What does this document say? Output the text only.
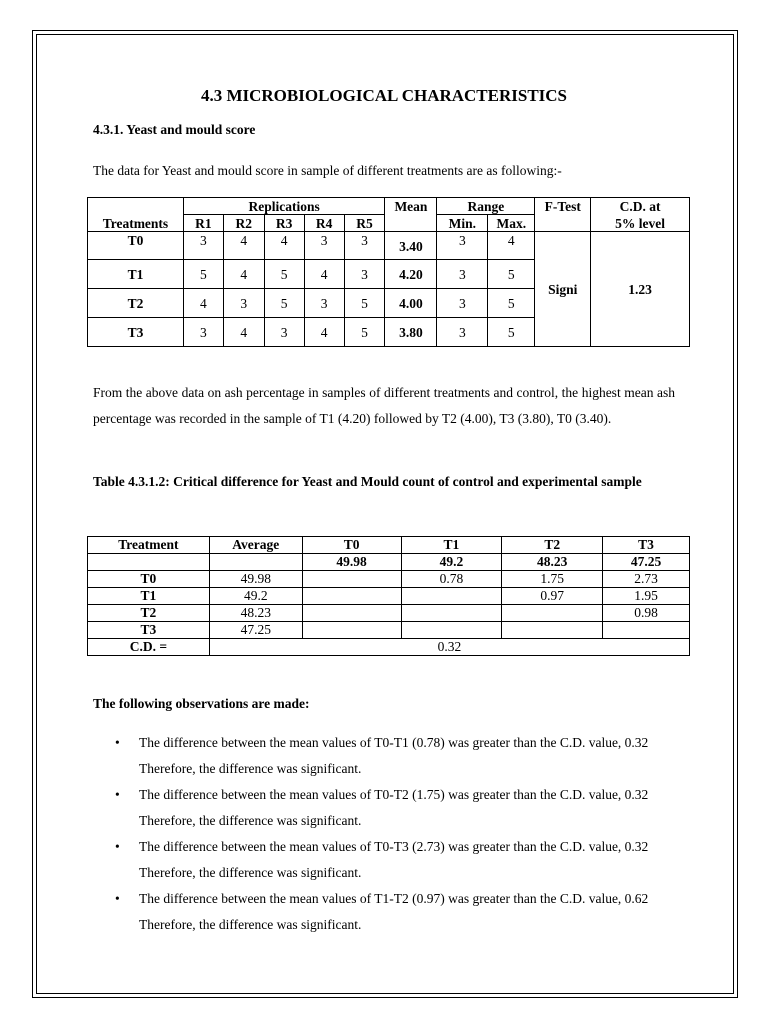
4.3 MICROBIOLOGICAL CHARACTERISTICS
4.3.1. Yeast and mould score
The data for Yeast and mould score in sample of different treatments are as following:-
	Replications					Mean	Range		F-Test	C.D. at
Treatments	R1	R2	R3	R4	R5		Min.	Max.		5% level
T0	3	4	4	3	3	3.40	3	4	Signi	1.23
T1	5	4	5	4	3	4.20	3	5		
T2	4	3	5	3	5	4.00	3	5		
T3	3	4	3	4	5	3.80	3	5		
From the above data on ash percentage in samples of different treatments and control, the highest mean ash percentage was recorded in the sample of T1 (4.20) followed by T2 (4.00), T3 (3.80), T0 (3.40).
Table 4.3.1.2: Critical difference for Yeast and Mould count of control and experimental sample
Treatment	Average	T0	T1	T2	T3
		49.98	49.2	48.23	47.25
T0	49.98		0.78	1.75	2.73
T1	49.2			0.97	1.95
T2	48.23				0.98
T3	47.25				
C.D. =	0.32				
The following observations are made:
• The difference between the mean values of T0-T1 (0.78) was greater than the C.D. value, 0.32 Therefore, the difference was significant.
• The difference between the mean values of T0-T2 (1.75) was greater than the C.D. value, 0.32 Therefore, the difference was significant.
• The difference between the mean values of T0-T3 (2.73) was greater than the C.D. value, 0.32 Therefore, the difference was significant.
• The difference between the mean values of T1-T2 (0.97) was greater than the C.D. value, 0.62 Therefore, the difference was significant.
